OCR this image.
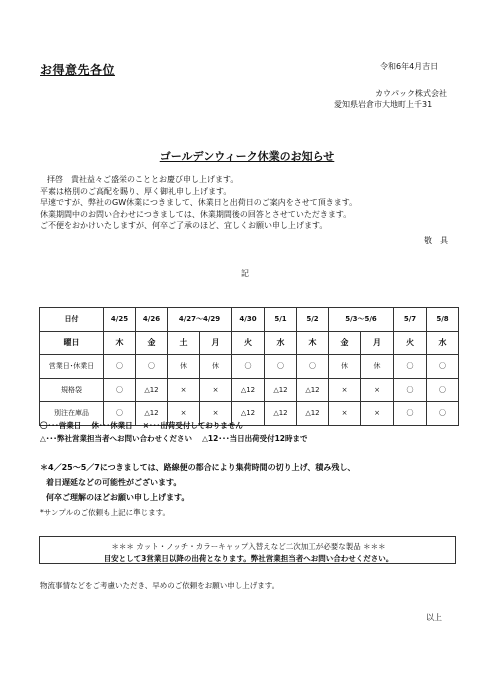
お得意先各位	令和6年4月吉日
カウパック株式会社
愛知県岩倉市大地町上千31
ゴールデンウィーク休業のお知らせ
拝啓　貴社益々ご盛栄のこととお慶び申し上げます。
平素は格別のご高配を賜り、厚く御礼申し上げます。
早速ですが、弊社のGW休業につきまして、休業日と出荷日のご案内をさせて頂きます。
休業期間中のお問い合わせにつきましては、休業期間後の回答とさせていただきます。
ご不便をおかけいたしますが、何卒ご了承のほど、宜しくお願い申し上げます。
敬　具
記
日付	4/25	4/26	4/27〜4/29		4/30	5/1	5/2	5/3〜5/6		5/7	5/8
曜日	木	金	土	月	火	水	木	金	月	火	水
営業日･休業日	〇	〇	休	休	〇	〇	〇	休	休	〇	〇
規格袋	〇	△12	×	×	△12	△12	△12	×	×	〇	〇
別注在庫品	〇	△12	×	×	△12	△12	△12	×	×	〇	〇
〇･･･営業日　 休･･･休業日　 ×･･･出荷受付しておりません
△･･･弊社営業担当者へお問い合わせください　 △12･･･当日出荷受付12時まで
＊4／25〜5／7につきましては、路線便の都合により集荷時間の切り上げ、積み残し、
着日遅延などの可能性がございます。
何卒ご理解のほどお願い申し上げます。
*サンプルのご依頼も上記に準じます。
＊＊＊ カット・ノッチ・カラーキャップ入替えなど二次加工が必要な製品 ＊＊＊
目安として3営業日以降の出荷となります。弊社営業担当者へお問い合わせください。
物流事情などをご考慮いただき、早めのご依頼をお願い申し上げます。
以上
